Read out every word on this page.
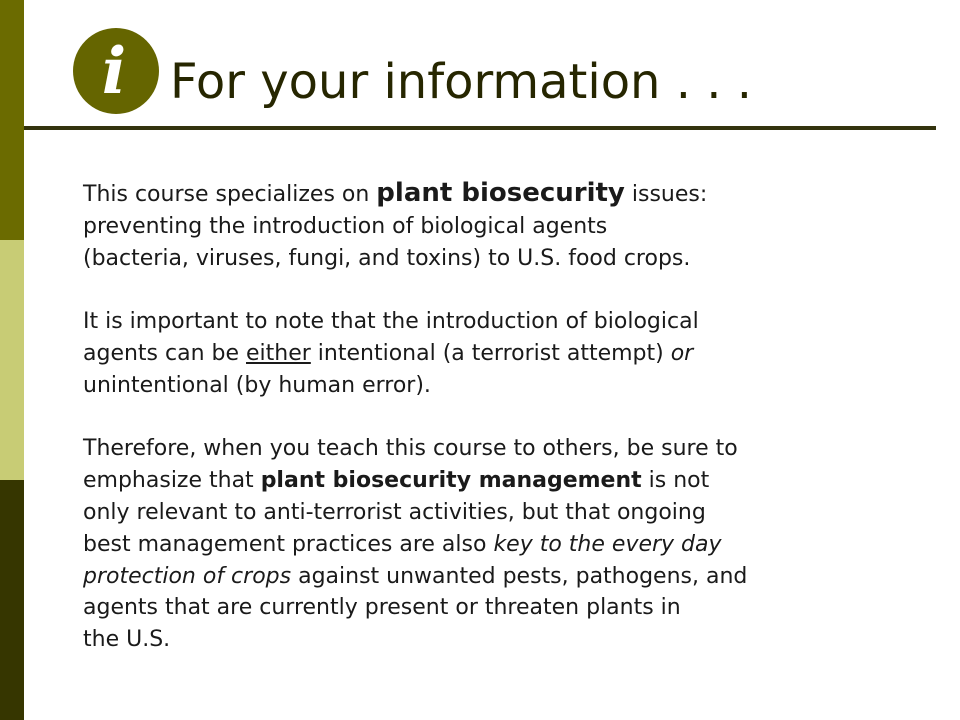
i For your information . . .

This course specializes on plant biosecurity issues:
preventing the introduction of biological agents
(bacteria, viruses, fungi, and toxins) to U.S. food crops.

It is important to note that the introduction of biological
agents can be either intentional (a terrorist attempt) or
unintentional (by human error).

Therefore, when you teach this course to others, be sure to
emphasize that plant biosecurity management is not
only relevant to anti-terrorist activities, but that ongoing
best management practices are also key to the every day
protection of crops against unwanted pests, pathogens, and
agents that are currently present or threaten plants in
the U.S.
